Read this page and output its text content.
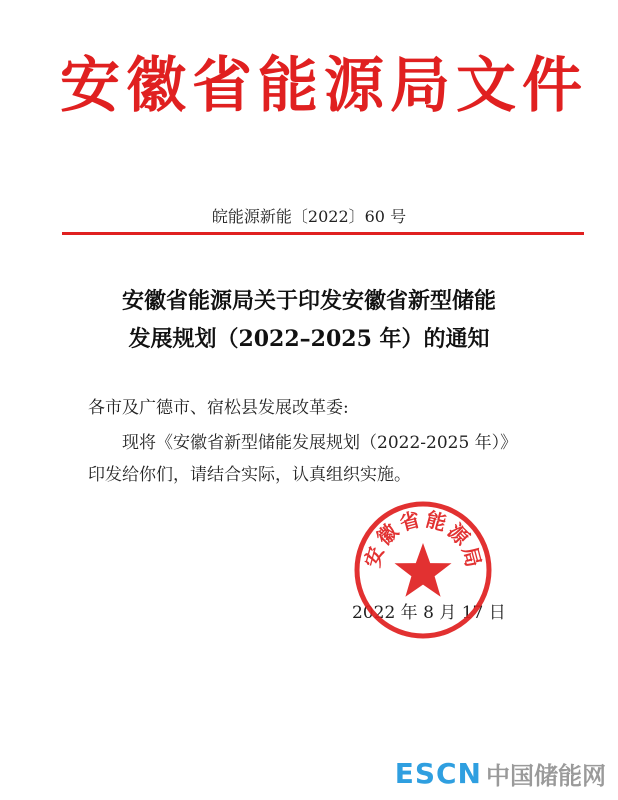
安徽省能源局文件
皖能源新能〔2022〕60 号
安徽省能源局关于印发安徽省新型储能
发展规划（2022–2025 年）的通知
各市及广德市、宿松县发展改革委:
现将《安徽省新型储能发展规划（2022-2025 年）》印发给你们，请结合实际，认真组织实施。
2022 年 8 月 17 日
安
徽
省 能
源
局
ESCN 中国储能网
